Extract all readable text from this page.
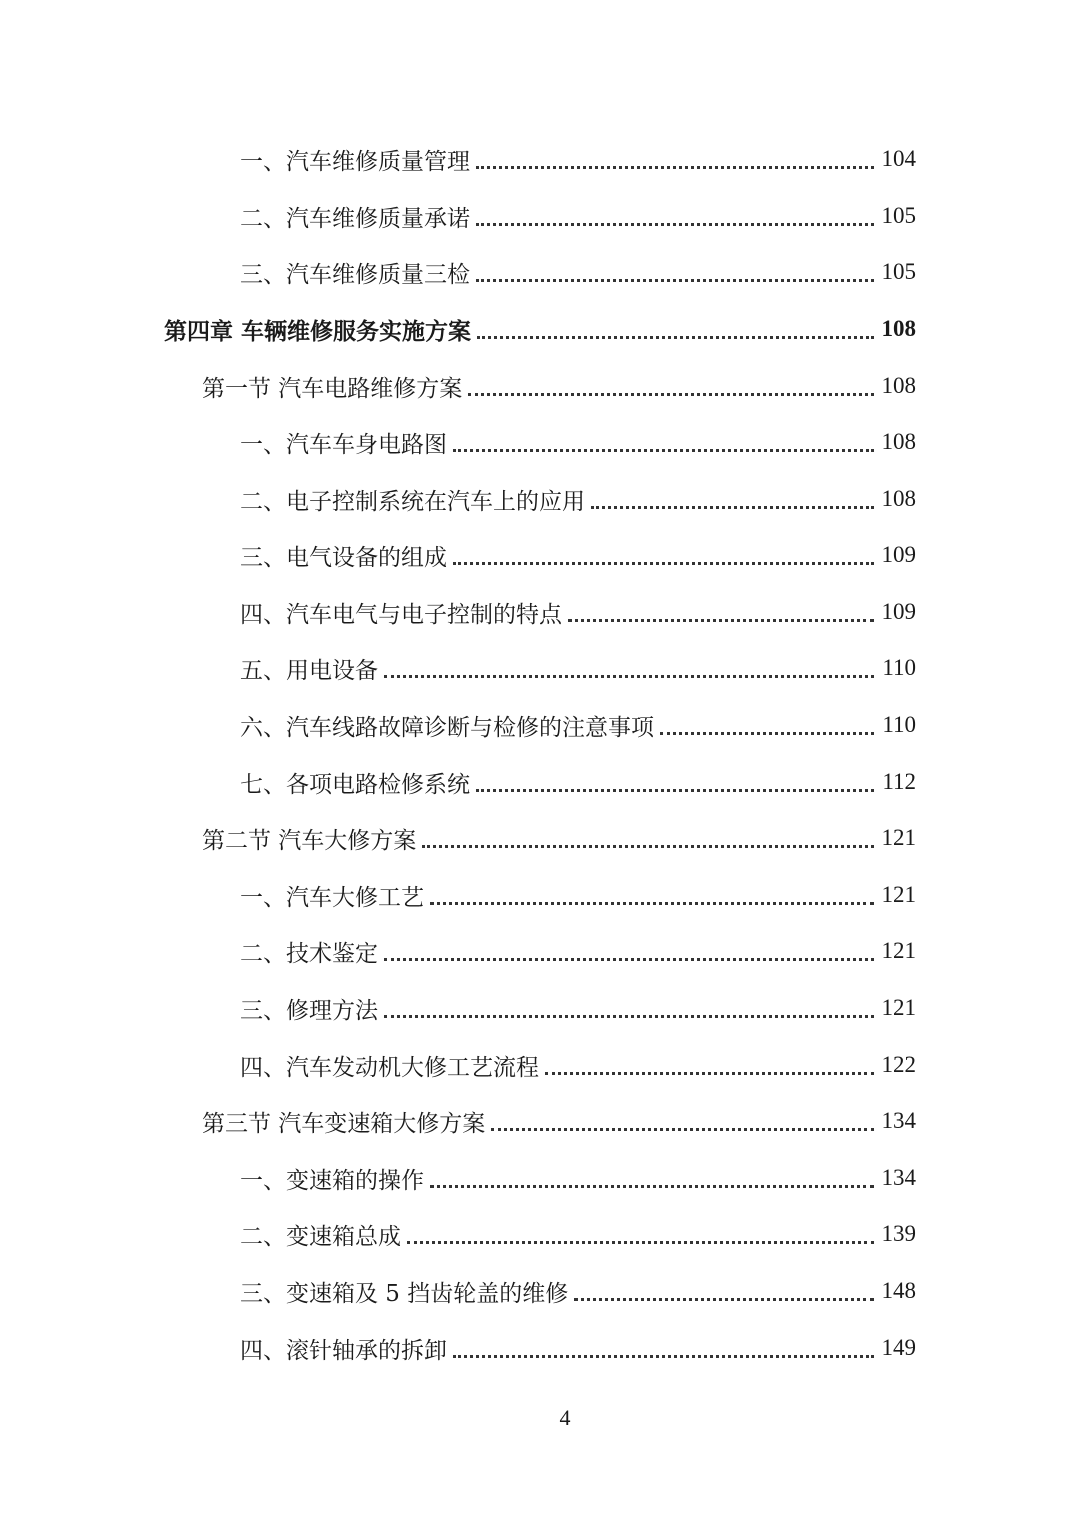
一、汽车维修质量管理	104
二、汽车维修质量承诺	105
三、汽车维修质量三检	105
第四章 车辆维修服务实施方案	108
第一节 汽车电路维修方案	108
一、汽车车身电路图	108
二、电子控制系统在汽车上的应用	108
三、电气设备的组成	109
四、汽车电气与电子控制的特点	109
五、用电设备	110
六、汽车线路故障诊断与检修的注意事项	110
七、各项电路检修系统	112
第二节 汽车大修方案	121
一、汽车大修工艺	121
二、技术鉴定	121
三、修理方法	121
四、汽车发动机大修工艺流程	122
第三节 汽车变速箱大修方案	134
一、变速箱的操作	134
二、变速箱总成	139
三、变速箱及 5 挡齿轮盖的维修	148
四、滚针轴承的拆卸	149
4
